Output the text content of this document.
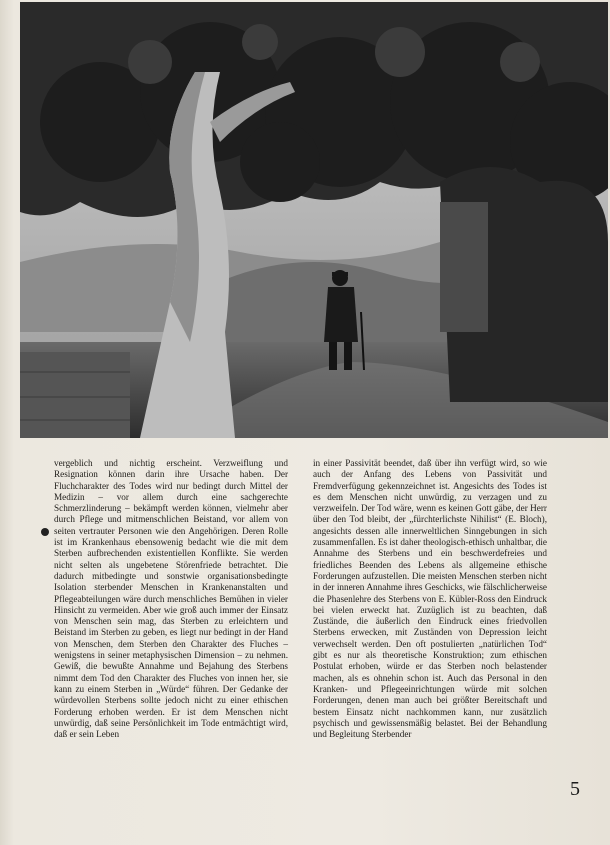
vergeblich und nichtig erscheint. Verzweiflung und Resignation können darin ihre Ursache haben. Der Fluchcharakter des Todes wird nur bedingt durch Mittel der Medizin – vor allem durch eine sachgerechte Schmerzlinderung – bekämpft werden können, vielmehr aber durch Pflege und mitmenschlichen Beistand, vor allem von seiten vertrauter Personen wie den Angehörigen. Deren Rolle ist im Krankenhaus ebensowenig bedacht wie die mit dem Sterben aufbrechenden existentiellen Konflikte. Sie werden nicht selten als ungebetene Störenfriede betrachtet. Die dadurch mitbedingte und sonstwie organisationsbedingte Isolation sterbender Menschen in Krankenanstalten und Pflegeabteilungen wäre durch menschliches Bemühen in vieler Hinsicht zu vermeiden. Aber wie groß auch immer der Einsatz von Menschen sein mag, das Sterben zu erleichtern und Beistand im Sterben zu geben, es liegt nur bedingt in der Hand von Menschen, dem Sterben den Charakter des Fluches – wenigstens in seiner metaphysischen Dimension – zu nehmen. Gewiß, die bewußte Annahme und Bejahung des Sterbens nimmt dem Tod den Charakter des Fluches von innen her, sie kann zu einem Sterben in „Würde“ führen. Der Gedanke der würdevollen Sterbens sollte jedoch nicht zu einer ethischen Forderung erhoben werden. Er ist dem Menschen nicht unwürdig, daß seine Persönlichkeit im Tode entmächtigt wird, daß er sein Leben

in einer Passivität beendet, daß über ihn verfügt wird, so wie auch der Anfang des Lebens von Passivität und Fremdverfügung gekennzeichnet ist. Angesichts des Todes ist es dem Menschen nicht unwürdig, zu verzagen und zu verzweifeln. Der Tod wäre, wenn es keinen Gott gäbe, der Herr über den Tod bleibt, der „fürchterlichste Nihilist“ (E. Bloch), angesichts dessen alle innerweltlichen Sinngebungen in sich zusammenfallen. Es ist daher theologisch-ethisch unhaltbar, die Annahme des Sterbens und ein beschwerdefreies und friedliches Beenden des Lebens als allgemeine ethische Forderungen aufzustellen. Die meisten Menschen sterben nicht in der inneren Annahme ihres Geschicks, wie fälschlicherweise die Phasenlehre des Sterbens von E. Kübler-Ross den Eindruck bei vielen erweckt hat. Zuzüglich ist zu beachten, daß Zustände, die äußerlich den Eindruck eines friedvollen Sterbens erwecken, mit Zuständen von Depression leicht verwechselt werden. Den oft postulierten „natürlichen Tod“ gibt es nur als theoretische Konstruktion; zum ethischen Postulat erhoben, würde er das Sterben noch belastender machen, als es ohnehin schon ist. Auch das Personal in den Kranken- und Pflegeeinrichtungen würde mit solchen Forderungen, denen man auch bei größter Bereitschaft und bestem Einsatz nicht nachkommen kann, nur zusätzlich psychisch und gewissensmäßig belastet. Bei der Behandlung und Begleitung Sterbender

5
